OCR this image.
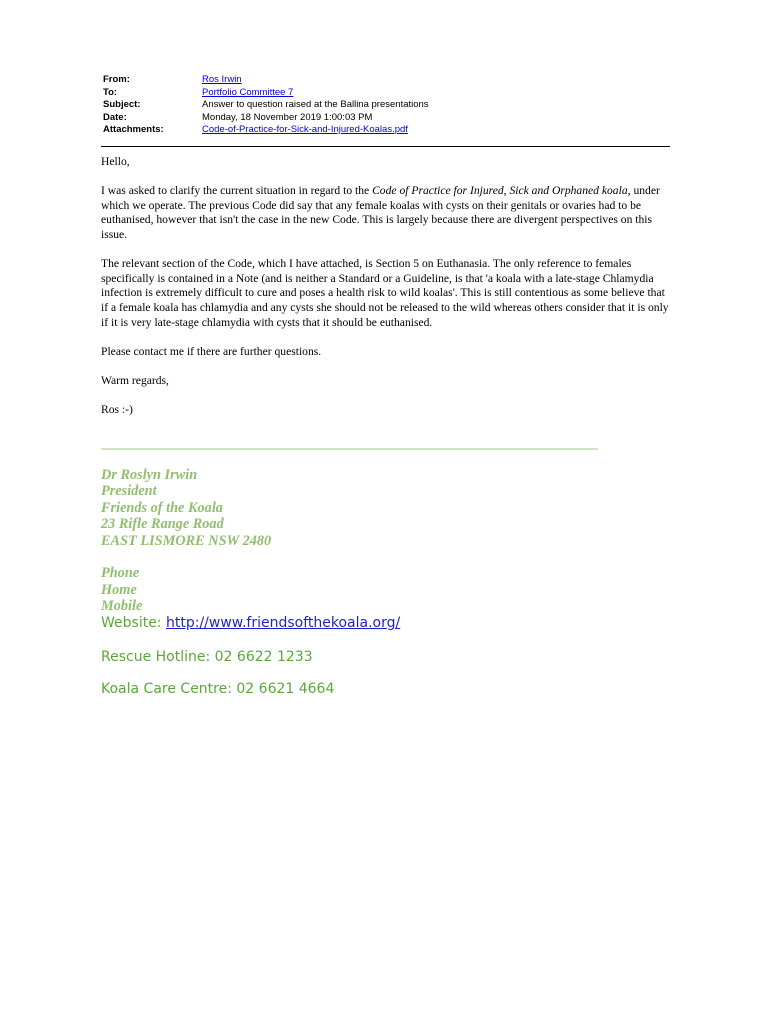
From:	Ros Irwin
To:	Portfolio Committee 7
Subject:	Answer to question raised at the Ballina presentations
Date:	Monday, 18 November 2019 1:00:03 PM
Attachments:	Code-of-Practice-for-Sick-and-Injured-Koalas.pdf

Hello,

I was asked to clarify the current situation in regard to the Code of Practice for Injured, Sick and Orphaned koala, under which we operate. The previous Code did say that any female koalas with cysts on their genitals or ovaries had to be euthanised, however that isn't the case in the new Code. This is largely because there are divergent perspectives on this issue.

The relevant section of the Code, which I have attached, is Section 5 on Euthanasia. The only reference to females specifically is contained in a Note (and is neither a Standard or a Guideline, is that 'a koala with a late-stage Chlamydia infection is extremely difficult to cure and poses a health risk to wild koalas'. This is still contentious as some believe that if a female koala has chlamydia and any cysts she should not be released to the wild whereas others consider that it is only if it is very late-stage chlamydia with cysts that it should be euthanised.

Please contact me if there are further questions.

Warm regards,

Ros :-)

Dr Roslyn Irwin
President
Friends of the Koala
23 Rifle Range Road
EAST LISMORE NSW 2480
Phone
Home
Mobile
Website: http://www.friendsofthekoala.org/
Rescue Hotline: 02 6622 1233
Koala Care Centre: 02 6621 4664
